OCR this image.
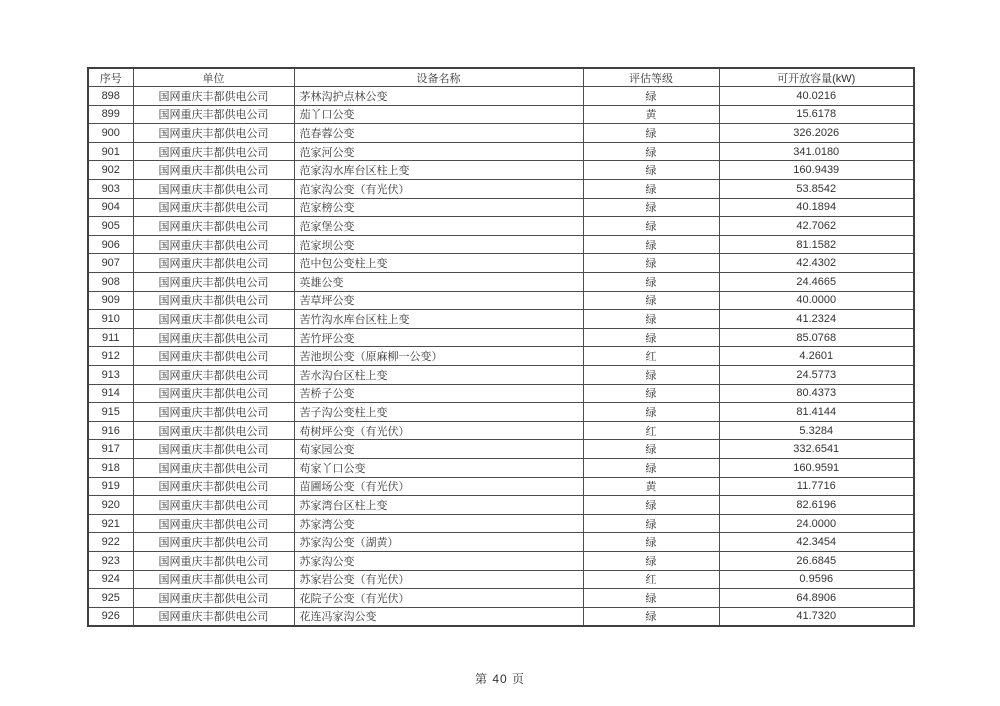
序号	单位	设备名称	评估等级	可开放容量(kW)
898	国网重庆丰都供电公司	茅林沟护点林公变	绿	40.0216
899	国网重庆丰都供电公司	茄丫口公变	黄	15.6178
900	国网重庆丰都供电公司	范春蓉公变	绿	326.2026
901	国网重庆丰都供电公司	范家河公变	绿	341.0180
902	国网重庆丰都供电公司	范家沟水库台区柱上变	绿	160.9439
903	国网重庆丰都供电公司	范家沟公变（有光伏）	绿	53.8542
904	国网重庆丰都供电公司	范家榜公变	绿	40.1894
905	国网重庆丰都供电公司	范家堡公变	绿	42.7062
906	国网重庆丰都供电公司	范家坝公变	绿	81.1582
907	国网重庆丰都供电公司	范中包公变柱上变	绿	42.4302
908	国网重庆丰都供电公司	英雄公变	绿	24.4665
909	国网重庆丰都供电公司	苦草坪公变	绿	40.0000
910	国网重庆丰都供电公司	苦竹沟水库台区柱上变	绿	41.2324
911	国网重庆丰都供电公司	苦竹坪公变	绿	85.0768
912	国网重庆丰都供电公司	苦池坝公变（原麻柳一公变）	红	4.2601
913	国网重庆丰都供电公司	苦水沟台区柱上变	绿	24.5773
914	国网重庆丰都供电公司	苦桥子公变	绿	80.4373
915	国网重庆丰都供电公司	苦子沟公变柱上变	绿	81.4144
916	国网重庆丰都供电公司	苟树坪公变（有光伏）	红	5.3284
917	国网重庆丰都供电公司	苟家园公变	绿	332.6541
918	国网重庆丰都供电公司	苟家丫口公变	绿	160.9591
919	国网重庆丰都供电公司	苗圃场公变（有光伏）	黄	11.7716
920	国网重庆丰都供电公司	苏家湾台区柱上变	绿	82.6196
921	国网重庆丰都供电公司	苏家湾公变	绿	24.0000
922	国网重庆丰都供电公司	苏家沟公变（湖黄）	绿	42.3454
923	国网重庆丰都供电公司	苏家沟公变	绿	26.6845
924	国网重庆丰都供电公司	苏家岩公变（有光伏）	红	0.9596
925	国网重庆丰都供电公司	花院子公变（有光伏）	绿	64.8906
926	国网重庆丰都供电公司	花连冯家沟公变	绿	41.7320
第 40 页
